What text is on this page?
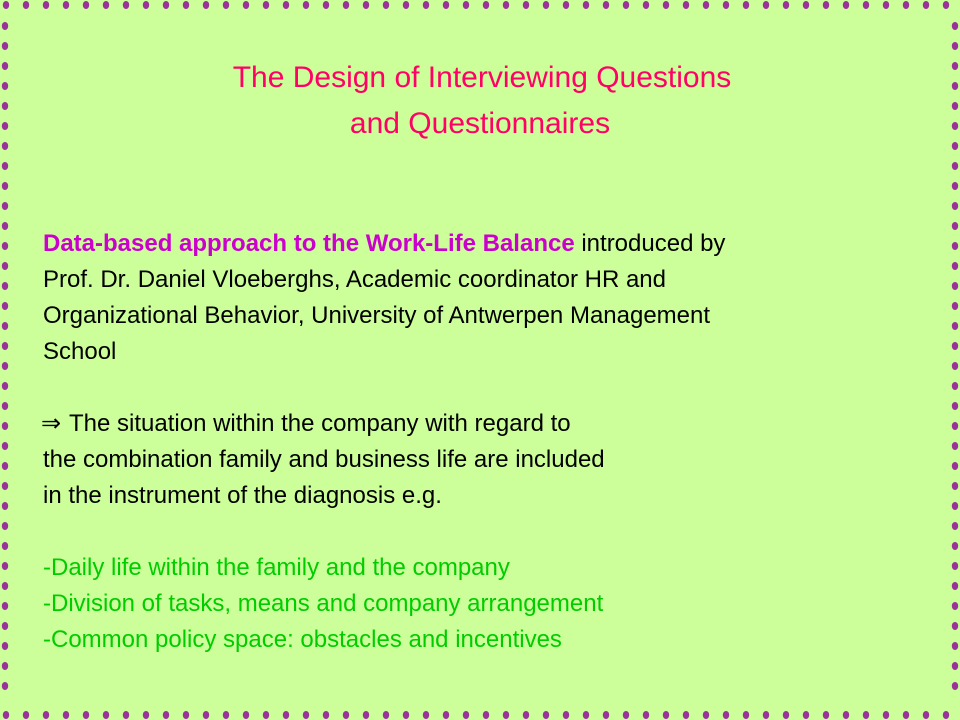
The Design of Interviewing Questions
and Questionnaires
Data-based approach to the Work-Life Balance introduced by
Prof. Dr. Daniel Vloeberghs, Academic coordinator HR and
Organizational Behavior, University of Antwerpen Management
School
⇒ The situation within the company with regard to
the combination family and business life are included
in the instrument of the diagnosis e.g.
-Daily life within the family and the company
-Division of tasks, means and company arrangement
-Common policy space: obstacles and incentives
